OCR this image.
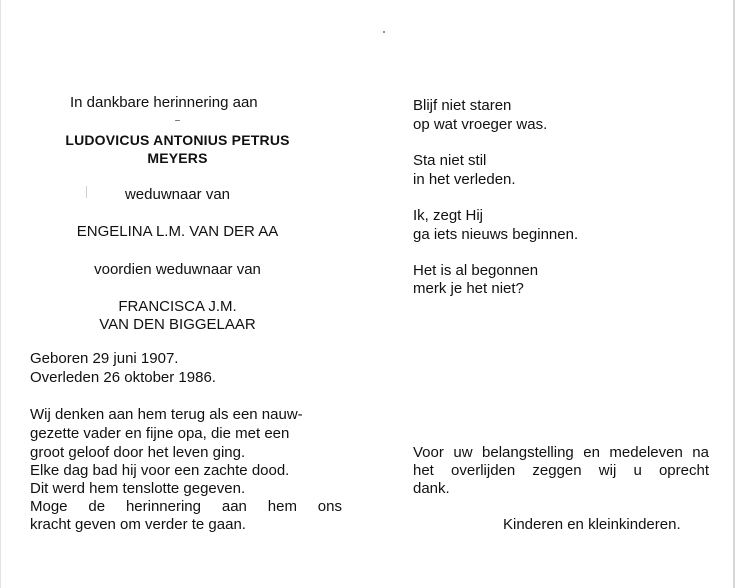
In dankbare herinnering aan
LUDOVICUS ANTONIUS PETRUS
MEYERS
weduwnaar van
ENGELINA L.M. VAN DER AA
voordien weduwnaar van
FRANCISCA J.M.
VAN DEN BIGGELAAR
Geboren 29 juni 1907.
Overleden 26 oktober 1986.
Wij denken aan hem terug als een nauw-
gezette vader en fijne opa, die met een
groot geloof door het leven ging.
Elke dag bad hij voor een zachte dood.
Dit werd hem tenslotte gegeven.
Moge de herinnering aan hem ons
kracht geven om verder te gaan.
Blijf niet staren
op wat vroeger was.
Sta niet stil
in het verleden.
Ik, zegt Hij
ga iets nieuws beginnen.
Het is al begonnen
merk je het niet?
Voor uw belangstelling en medeleven na
het overlijden zeggen wij u oprecht
dank.
Kinderen en kleinkinderen.
